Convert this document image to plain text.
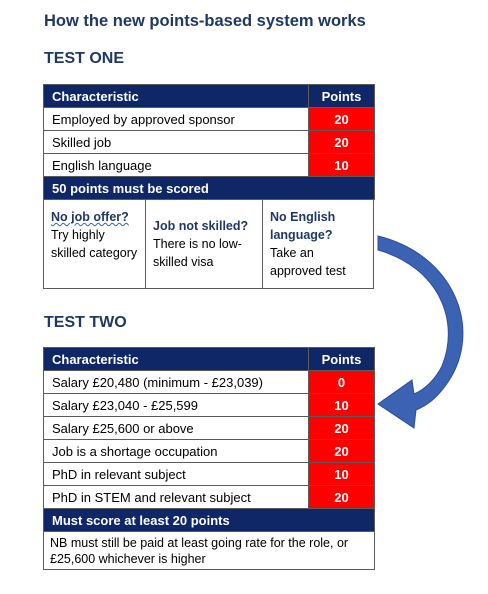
How the new points-based system works
TEST ONE
Characteristic	Points
Employed by approved sponsor	20
Skilled job	20
English language	10
50 points must be scored	
No job offer?
Try highly skilled category
Job not skilled?
There is no low-skilled visa
No English language?
Take an approved test
TEST TWO
Characteristic	Points
Salary £20,480 (minimum - £23,039)	0
Salary £23,040 - £25,599	10
Salary £25,600 or above	20
Job is a shortage occupation	20
PhD in relevant subject	10
PhD in STEM and relevant subject	20
Must score at least 20 points	
NB must still be paid at least going rate for the role, or £25,600 whichever is higher	
